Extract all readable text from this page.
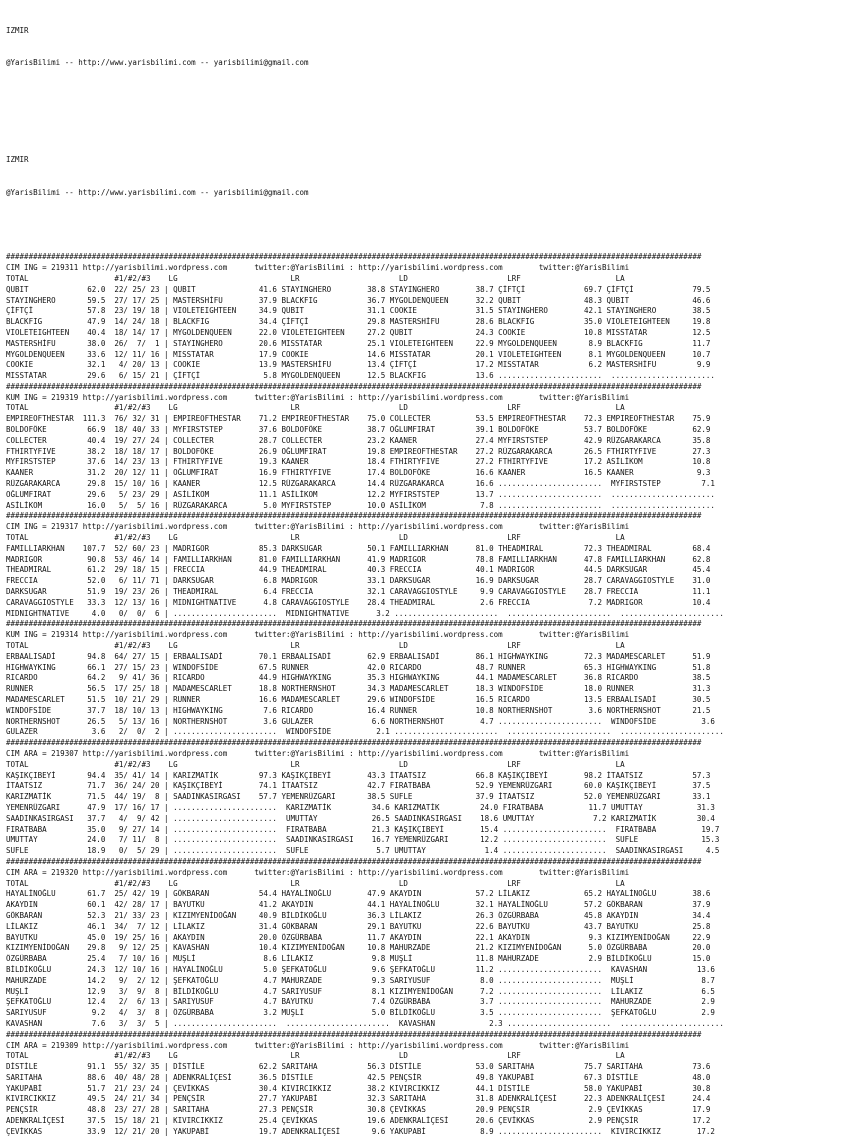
IZMIR

@YarisBilimi -- http://www.yarisbilimi.com -- yarisbilimi@gmail.com

IZMIR

@YarisBilimi -- http://www.yarisbilimi.com -- yarisbilimi@gmail.com

##########################################################################################################################################################
CIM ING = 219311 http://yarisbilimi.wordpress.com      twitter:@YarisBilimi : http://yarisbilimi.wordpress.com        twitter:@YarisBilimi
TOTAL                   #1/#2/#3    LG                         LR                      LD                      LRF                     LA
QUBIT             62.0  22/ 25/ 23 | QUBIT              41.6 STAYINGHERO        38.8 STAYINGHERO        38.7 ÇİFTÇİ             69.7 ÇİFTÇİ             79.5
STAYINGHERO       59.5  27/ 17/ 25 | MASTERSHİFU        37.9 BLACKFIG           36.7 MYGOLDENQUEEN      32.2 QUBIT              48.3 QUBIT              46.6
ÇİFTÇİ            57.8  23/ 19/ 18 | VIOLETEIGHTEEN     34.9 QUBIT              31.1 COOKIE             31.5 STAYINGHERO        42.1 STAYINGHERO        38.5
BLACKFIG          47.9  14/ 24/ 18 | BLACKFIG           34.4 ÇİFTÇİ             29.8 MASTERSHİFU        28.6 BLACKFIG           35.0 VIOLETEIGHTEEN     19.8
VIOLETEIGHTEEN    40.4  18/ 14/ 17 | MYGOLDENQUEEN      22.0 VIOLETEIGHTEEN     27.2 QUBIT              24.3 COOKIE             10.8 MISSTATAR          12.5
MASTERSHİFU       38.0  26/  7/  1 | STAYINGHERO        20.6 MISSTATAR          25.1 VIOLETEIGHTEEN     22.9 MYGOLDENQUEEN       8.9 BLACKFIG           11.7
MYGOLDENQUEEN     33.6  12/ 11/ 16 | MISSTATAR          17.9 COOKIE             14.6 MISSTATAR          20.1 VIOLETEIGHTEEN      8.1 MYGOLDENQUEEN      10.7
COOKIE            32.1   4/ 20/ 13 | COOKIE             13.9 MASTERSHİFU        13.4 ÇİFTÇİ             17.2 MISSTATAR           6.2 MASTERSHİFU         9.9
MISSTATAR         29.6   6/ 15/ 21 | ÇİFTÇİ              5.8 MYGOLDENQUEEN      12.5 BLACKFIG           13.6 .......................  .......................
##########################################################################################################################################################
KUM ING = 219319 http://yarisbilimi.wordpress.com      twitter:@YarisBilimi : http://yarisbilimi.wordpress.com        twitter:@YarisBilimi
TOTAL                   #1/#2/#3    LG                         LR                      LD                      LRF                     LA
EMPIREOFTHESTAR  111.3  76/ 32/ 31 | EMPIREOFTHESTAR    71.2 EMPIREOFTHESTAR    75.0 COLLECTER          53.5 EMPIREOFTHESTAR    72.3 EMPIREOFTHESTAR    75.9
BOLDOFÖKE         66.9  18/ 40/ 33 | MYFIRSTSTEP        37.6 BOLDOFÖKE          38.7 OĞLUMFIRAT         39.1 BOLDOFÖKE          53.7 BOLDOFÖKE          62.9
COLLECTER         40.4  19/ 27/ 24 | COLLECTER          28.7 COLLECTER          23.2 KAANER             27.4 MYFIRSTSTEP        42.9 RÜZGARAKARCA       35.8
FTHIRTYFIVE       38.2  18/ 18/ 17 | BOLDOFÖKE          26.9 OĞLUMFIRAT         19.8 EMPIREOFTHESTAR    27.2 RÜZGARAKARCA       26.5 FTHIRTYFIVE        27.3
MYFIRSTSTEP       37.6  14/ 23/ 13 | FTHIRTYFIVE        19.3 KAANER             18.4 FTHIRTYFIVE        27.2 FTHIRTYFIVE        17.2 ASİLİKOM           10.8
KAANER            31.2  20/ 12/ 11 | OĞLUMFIRAT         16.9 FTHIRTYFIVE        17.4 BOLDOFÖKE          16.6 KAANER             16.5 KAANER              9.3
RÜZGARAKARCA      29.8  15/ 10/ 16 | KAANER             12.5 RÜZGARAKARCA       14.4 RÜZGARAKARCA       16.6 .......................  MYFIRSTSTEP         7.1
OĞLUMFIRAT        29.6   5/ 23/ 29 | ASİLİKOM           11.1 ASİLİKOM           12.2 MYFIRSTSTEP        13.7 .......................  .......................
ASİLİKOM          16.0   5/  5/ 16 | RÜZGARAKARCA        5.0 MYFIRSTSTEP        10.0 ASİLİKOM            7.8 .......................  .......................
##########################################################################################################################################################
CIM ING = 219317 http://yarisbilimi.wordpress.com      twitter:@YarisBilimi : http://yarisbilimi.wordpress.com        twitter:@YarisBilimi
TOTAL                   #1/#2/#3    LG                         LR                      LD                      LRF                     LA
FAMILLIARKHAN    107.7  52/ 60/ 23 | MADRIGOR           85.3 DARKSUGAR          50.1 FAMILLIARKHAN      81.0 THEADMIRAL         72.3 THEADMIRAL         68.4
MADRIGOR          90.8  53/ 46/ 14 | FAMILLIARKHAN      81.0 FAMILLIARKHAN      41.9 MADRIGOR           78.8 FAMILLIARKHAN      47.8 FAMILLIARKHAN      62.8
THEADMIRAL        61.2  29/ 18/ 15 | FRECCIA            44.9 THEADMIRAL         40.3 FRECCIA            40.1 MADRIGOR           44.5 DARKSUGAR          45.4
FRECCIA           52.0   6/ 11/ 71 | DARKSUGAR           6.8 MADRIGOR           33.1 DARKSUGAR          16.9 DARKSUGAR          28.7 CARAVAGGIOSTYLE    31.0
DARKSUGAR         51.9  19/ 23/ 26 | THEADMIRAL          6.4 FRECCIA            32.1 CARAVAGGIOSTYLE     9.9 CARAVAGGIOSTYLE    28.7 FRECCIA            11.1
CARAVAGGIOSTYLE   33.3  12/ 13/ 16 | MIDNIGHTNATIVE      4.8 CARAVAGGIOSTYLE    28.4 THEADMIRAL          2.6 FRECCIA             7.2 MADRIGOR           10.4
MIDNIGHTNATIVE     4.0   0/  0/  6 | .......................  MIDNIGHTNATIVE      3.2 .......................  .......................  .......................
##########################################################################################################################################################
KUM ING = 219314 http://yarisbilimi.wordpress.com      twitter:@YarisBilimi : http://yarisbilimi.wordpress.com        twitter:@YarisBilimi
TOTAL                   #1/#2/#3    LG                         LR                      LD                      LRF                     LA
ERBAALISADİ       94.8  64/ 27/ 15 | ERBAALISADİ        70.1 ERBAALISADİ        62.9 ERBAALISADİ        86.1 HIGHWAYKING        72.3 MADAMESCARLET      51.9
HIGHWAYKING       66.1  27/ 15/ 23 | WINDOFSİDE         67.5 RUNNER             42.0 RICARDO            48.7 RUNNER             65.3 HIGHWAYKING        51.8
RICARDO           64.2   9/ 41/ 36 | RICARDO            44.9 HIGHWAYKING        35.3 HIGHWAYKING        44.1 MADAMESCARLET      36.8 RICARDO            38.5
RUNNER            56.5  17/ 25/ 18 | MADAMESCARLET      18.8 NORTHERNSHOT       34.3 MADAMESCARLET      18.3 WINDOFSİDE         18.0 RUNNER             31.3
MADAMESCARLET     51.5  10/ 21/ 29 | RUNNER             16.6 MADAMESCARLET      29.6 WINDOFSİDE         16.5 RICARDO            13.5 ERBAALISADİ        30.5
WINDOFSİDE        37.7  18/ 10/ 13 | HIGHWAYKING         7.6 RICARDO            16.4 RUNNER             10.8 NORTHERNSHOT        3.6 NORTHERNSHOT       21.5
NORTHERNSHOT      26.5   5/ 13/ 16 | NORTHERNSHOT        3.6 GULAZER             6.6 NORTHERNSHOT        4.7 .......................  WINDOFSİDE          3.6
GULAZER            3.6   2/  0/  2 | .......................  WINDOFSİDE          2.1 .......................  .......................  .......................
##########################################################################################################################################################
CIM ARA = 219307 http://yarisbilimi.wordpress.com      twitter:@YarisBilimi : http://yarisbilimi.wordpress.com        twitter:@YarisBilimi
TOTAL                   #1/#2/#3    LG                         LR                      LD                      LRF                     LA
KAŞIKÇIBEYİ       94.4  35/ 41/ 14 | KARIZMATİK         97.3 KAŞIKÇIBEYİ        43.3 İTAATSIZ           66.8 KAŞIKÇIBEYİ        98.2 İTAATSIZ           57.3
İTAATSIZ          71.7  36/ 24/ 20 | KAŞIKÇIBEYİ        74.1 İTAATSIZ           42.7 FIRATBABA          52.9 YEMENRÜZGARI       60.0 KAŞIKÇIBEYİ        37.5
KARIZMATİK        71.5  44/ 19/  8 | SAADINKASIRGASI    57.7 YEMENRÜZGARI       38.5 SUFLE              37.9 İTAATSIZ           52.0 YEMENRÜZGARI       33.1
YEMENRÜZGARI      47.9  17/ 16/ 17 | .......................  KARIZMATİK         34.6 KARIZMATİK         24.0 FIRATBABA          11.7 UMUTTAY            31.3
SAADINKASIRGASI   37.7   4/  9/ 42 | .......................  UMUTTAY            26.5 SAADINKASIRGASI    18.6 UMUTTAY             7.2 KARIZMATİK         30.4
FIRATBABA         35.0   9/ 27/ 14 | .......................  FIRATBABA          21.3 KAŞIKÇIBEYİ        15.4 .......................  FIRATBABA          19.7
UMUTTAY           24.0   7/ 11/  8 | .......................  SAADINKASIRGASI    16.7 YEMENRÜZGARI       12.2 .......................  SUFLE              15.3
SUFLE             18.9   0/  5/ 29 | .......................  SUFLE               5.7 UMUTTAY             1.4 .......................  SAADINKASIRGASI     4.5
##########################################################################################################################################################
CIM ARA = 219320 http://yarisbilimi.wordpress.com      twitter:@YarisBilimi : http://yarisbilimi.wordpress.com        twitter:@YarisBilimi
TOTAL                   #1/#2/#3    LG                         LR                      LD                      LRF                     LA
HAYALİNOĞLU       61.7  25/ 42/ 19 | GÖKBARAN           54.4 HAYALİNOĞLU        47.9 AKAYDIN            57.2 LİLAKIZ            65.2 HAYALİNOĞLU        38.6
AKAYDIN           60.1  42/ 28/ 17 | BAYUTKU            41.2 AKAYDIN            44.1 HAYALİNOĞLU        32.1 HAYALİNOĞLU        57.2 GÖKBARAN           37.9
GÖKBARAN          52.3  21/ 33/ 23 | KIZIMYENİDOĞAN     40.9 BİLDİKOĞLU         36.3 LİLAKIZ            26.3 ÖZGÜRBABA          45.8 AKAYDIN            34.4
LİLAKIZ           46.1  34/  7/ 12 | LİLAKIZ            31.4 GÖKBARAN           29.1 BAYUTKU            22.6 BAYUTKU            43.7 BAYUTKU            25.8
BAYUTKU           45.0  19/ 25/ 16 | AKAYDIN            20.0 ÖZGÜRBABA          11.7 AKAYDIN            22.1 AKAYDIN             9.3 KIZIMYENİDOĞAN     22.9
KIZIMYENİDOĞAN    29.8   9/ 12/ 25 | KAVASHAN           10.4 KIZIMYENİDOĞAN     10.8 MAHURZADE          21.2 KIZIMYENİDOĞAN      5.0 ÖZGÜRBABA          20.0
ÖZGÜRBABA         25.4   7/ 10/ 16 | MUŞLİ               8.6 LİLAKIZ             9.8 MUŞLİ              11.8 MAHURZADE           2.9 BİLDİKOĞLU         15.0
BİLDİKOĞLU        24.3  12/ 10/ 16 | HAYALİNOĞLU         5.0 ŞEFKATOĞLU          9.6 ŞEFKATOĞLU         11.2 .......................  KAVASHAN           13.6
MAHURZADE         14.2   9/  2/ 12 | ŞEFKATOĞLU          4.7 MAHURZADE           9.3 SARIYUSUF           8.0 .......................  MUŞLİ               8.7
MUŞLİ             12.9   3/  9/  8 | BİLDİKOĞLU          4.7 SARIYUSUF           8.1 KIZIMYENİDOĞAN      7.2 .......................  LİLAKIZ             6.5
ŞEFKATOĞLU        12.4   2/  6/ 13 | SARIYUSUF           4.7 BAYUTKU             7.4 ÖZGÜRBABA           3.7 .......................  MAHURZADE           2.9
SARIYUSUF          9.2   4/  3/  8 | ÖZGÜRBABA           3.2 MUŞLİ               5.0 BİLDİKOĞLU          3.5 .......................  ŞEFKATOĞLU          2.9
KAVASHAN           7.6   3/  3/  5 | .......................  .......................  KAVASHAN            2.3 .......................  .......................
##########################################################################################################################################################
CIM ARA = 219309 http://yarisbilimi.wordpress.com      twitter:@YarisBilimi : http://yarisbilimi.wordpress.com        twitter:@YarisBilimi
TOTAL                   #1/#2/#3    LG                         LR                      LD                      LRF                     LA
DİSTİLE           91.1  55/ 32/ 35 | DİSTİLE            62.2 SARITAHA           56.3 DİSTİLE            53.0 SARITAHA           75.7 SARITAHA           73.6
SARITAHA          88.6  40/ 48/ 28 | ADENKRALİÇESİ      36.5 DİSTİLE            42.5 PENÇSİR            49.8 YAKUPABİ           67.3 DİSTİLE            48.0
YAKUPABİ          51.7  21/ 23/ 24 | ÇEVİKKAS           30.4 KIVIRCIKKIZ        38.2 KIVIRCIKKIZ        44.1 DİSTİLE            58.0 YAKUPABİ           30.8
KIVIRCIKKIZ       49.5  24/ 21/ 34 | PENÇSİR            27.7 YAKUPABİ           32.3 SARITAHA           31.8 ADENKRALİÇESİ      22.3 ADENKRALİÇESİ      24.4
PENÇSİR           48.8  23/ 27/ 28 | SARITAHA           27.3 PENÇSİR            30.8 ÇEVİKKAS           20.9 PENÇSİR             2.9 ÇEVİKKAS           17.9
ADENKRALİÇESİ     37.5  15/ 18/ 21 | KIVIRCIKKIZ        25.4 ÇEVİKKAS           19.6 ADENKRALİÇESİ      20.6 ÇEVİKKAS            2.9 PENÇSİR            17.2
ÇEVİKKAS          33.9  12/ 21/ 20 | YAKUPABİ           19.7 ADENKRALİÇESİ       9.6 YAKUPABİ            8.9 .......................  KIVIRCIKKIZ        17.2
